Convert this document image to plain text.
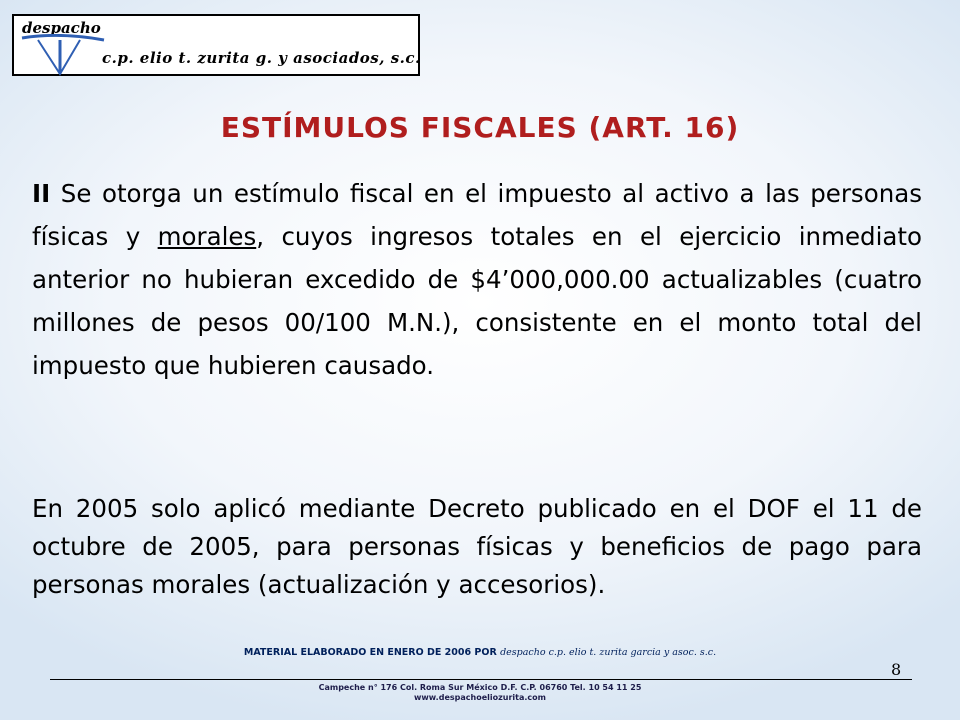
despacho
c.p. elio t. zurita g. y asociados, s.c.
ESTÍMULOS FISCALES (ART. 16)

II Se otorga un estímulo fiscal en el impuesto al activo a las personas físicas y morales, cuyos ingresos totales en el ejercicio inmediato anterior no hubieran excedido de $4’000,000.00 actualizables (cuatro millones de pesos 00/100 M.N.), consistente en el monto total del impuesto que hubieren causado.

En 2005 solo aplicó mediante Decreto publicado en el DOF el 11 de octubre de 2005, para personas físicas y beneficios de pago para personas morales (actualización y accesorios).

MATERIAL ELABORADO EN ENERO DE 2006 POR despacho c.p. elio t. zurita garcia y asoc. s.c.
8
Campeche n° 176 Col. Roma Sur México D.F. C.P. 06760 Tel. 10 54 11 25
www.despachoeliozurita.com
